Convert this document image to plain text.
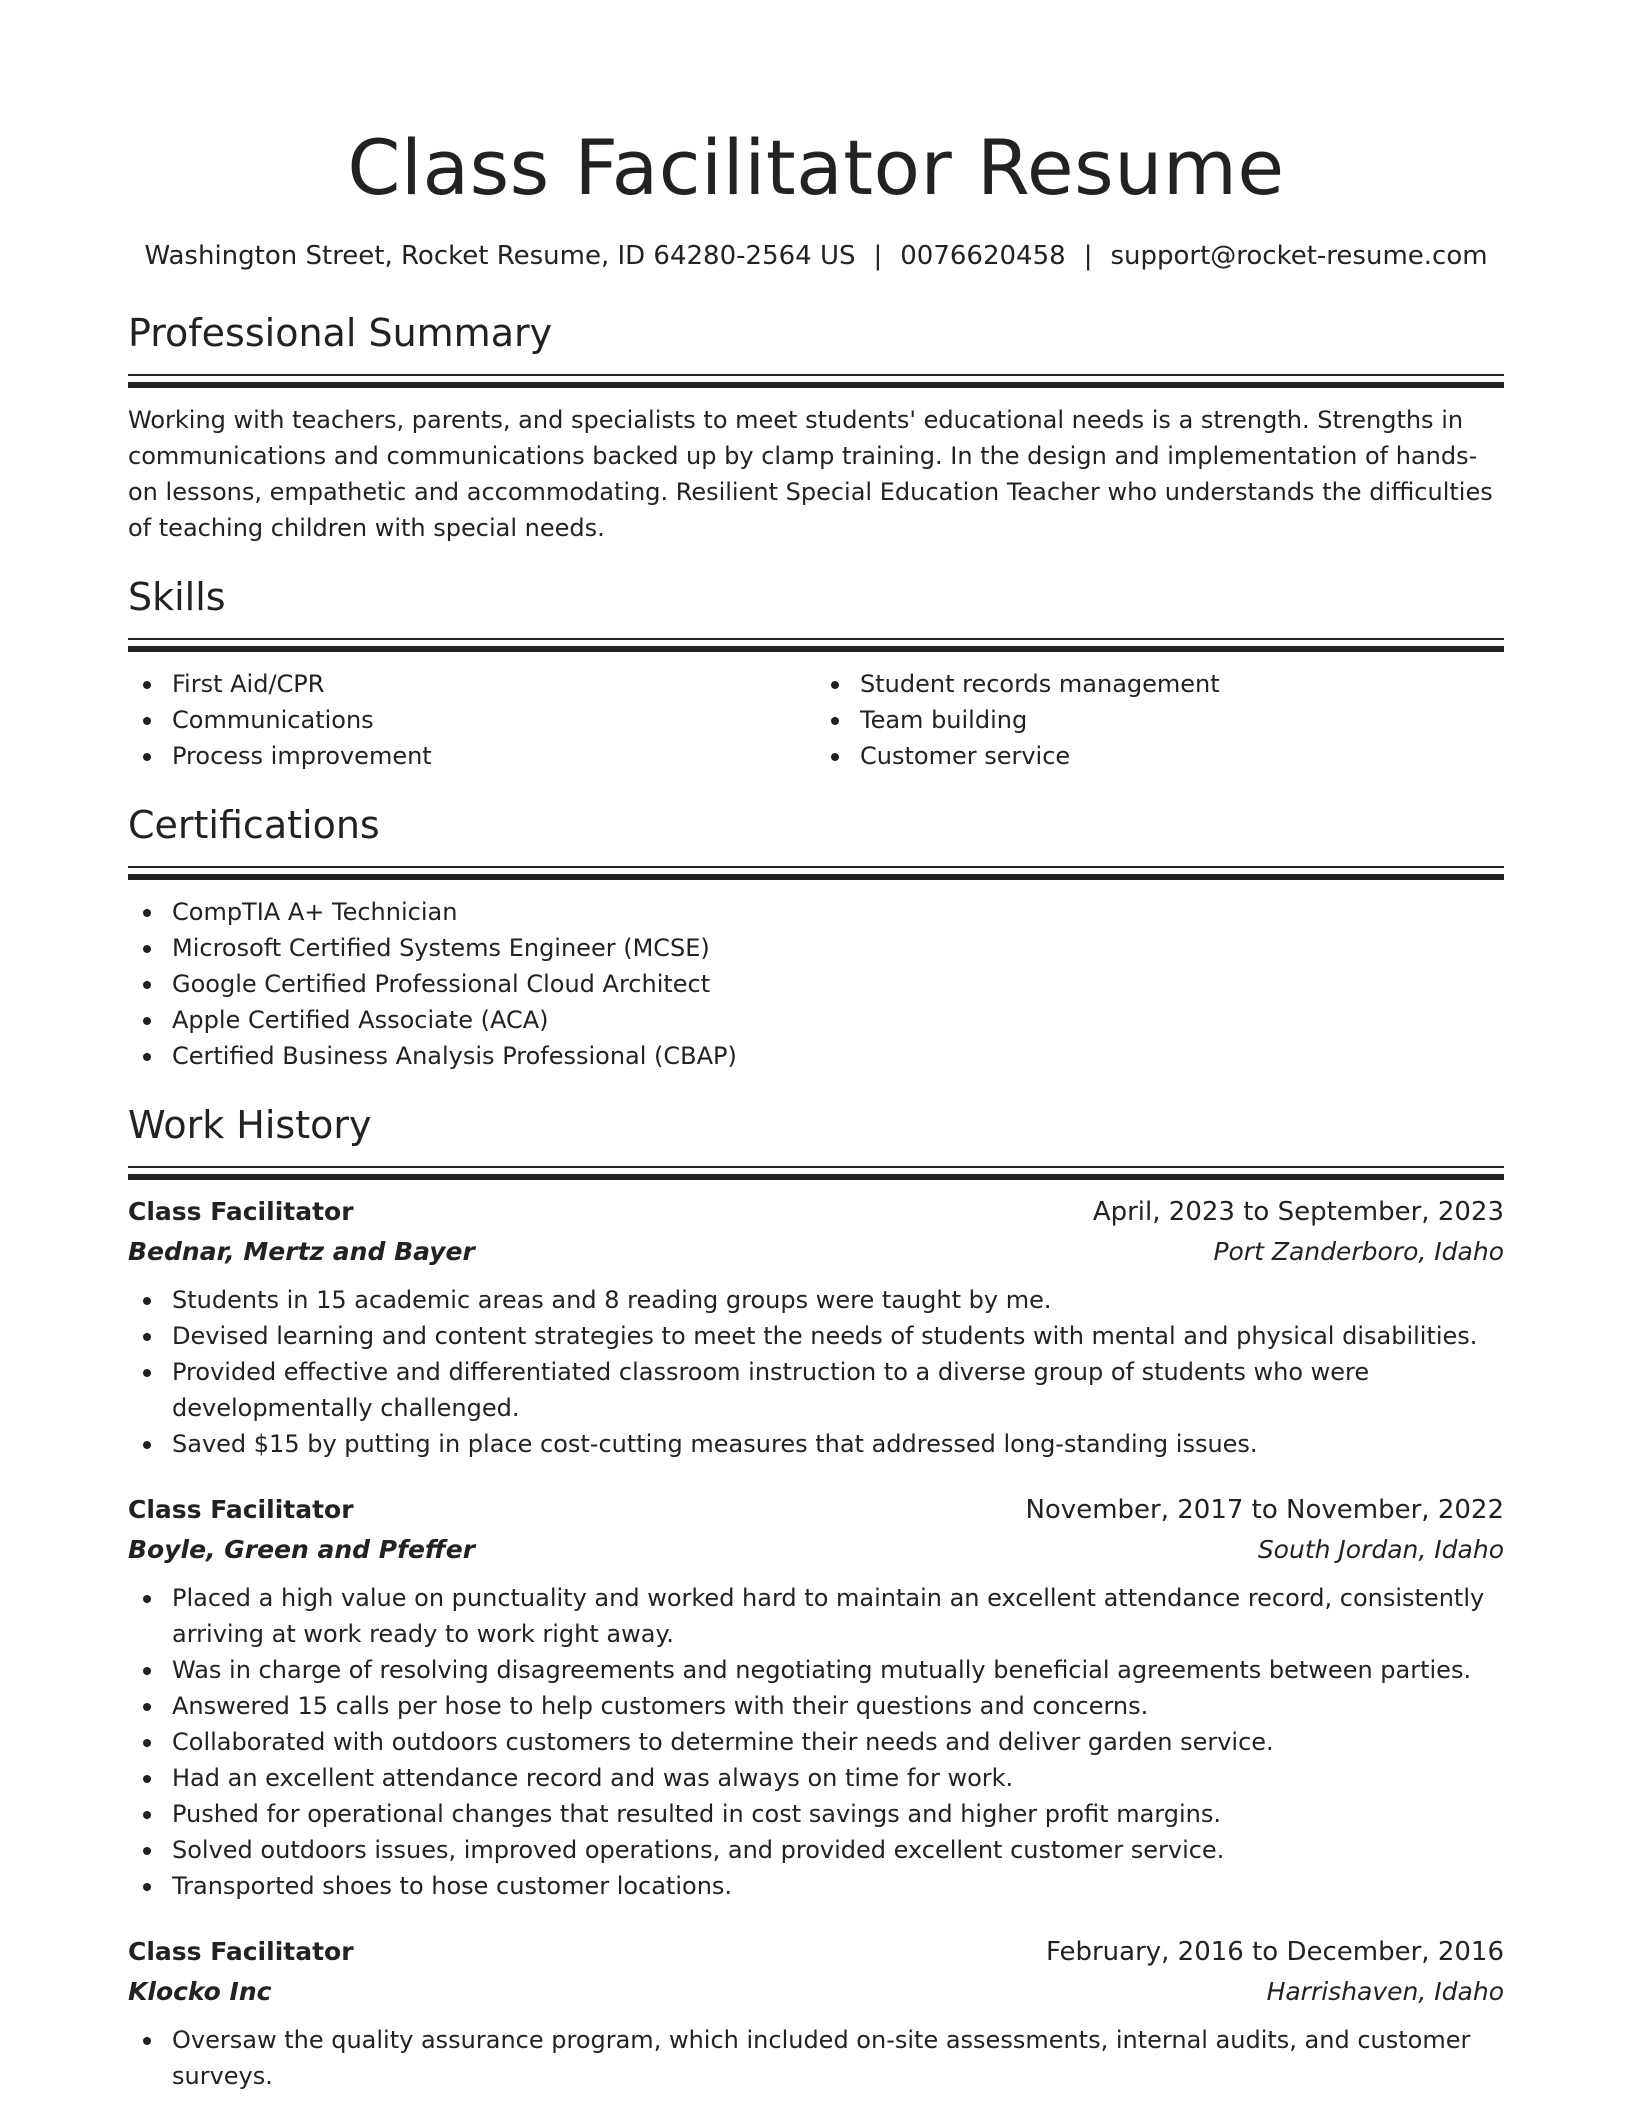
Class Facilitator Resume
Washington Street, Rocket Resume, ID 64280-2564 US | 0076620458 | support@rocket-resume.com
Professional Summary

Working with teachers, parents, and specialists to meet students' educational needs is a strength. Strengths in communications and communications backed up by clamp training. In the design and implementation of hands-on lessons, empathetic and accommodating. Resilient Special Education Teacher who understands the difficulties of teaching children with special needs.

Skills
First Aid/CPR
Communications
Process improvement
Student records management
Team building
Customer service
Certifications
CompTIA A+ Technician
Microsoft Certified Systems Engineer (MCSE)
Google Certified Professional Cloud Architect
Apple Certified Associate (ACA)
Certified Business Analysis Professional (CBAP)
Work History
Class Facilitator	April, 2023 to September, 2023
Bednar, Mertz and Bayer	Port Zanderboro, Idaho
Students in 15 academic areas and 8 reading groups were taught by me.
Devised learning and content strategies to meet the needs of students with mental and physical disabilities.
Provided effective and differentiated classroom instruction to a diverse group of students who were developmentally challenged.
Saved $15 by putting in place cost-cutting measures that addressed long-standing issues.
Class Facilitator	November, 2017 to November, 2022
Boyle, Green and Pfeffer	South Jordan, Idaho
Placed a high value on punctuality and worked hard to maintain an excellent attendance record, consistently arriving at work ready to work right away.
Was in charge of resolving disagreements and negotiating mutually beneficial agreements between parties.
Answered 15 calls per hose to help customers with their questions and concerns.
Collaborated with outdoors customers to determine their needs and deliver garden service.
Had an excellent attendance record and was always on time for work.
Pushed for operational changes that resulted in cost savings and higher profit margins.
Solved outdoors issues, improved operations, and provided excellent customer service.
Transported shoes to hose customer locations.
Class Facilitator	February, 2016 to December, 2016
Klocko Inc	Harrishaven, Idaho
Oversaw the quality assurance program, which included on-site assessments, internal audits, and customer surveys.
